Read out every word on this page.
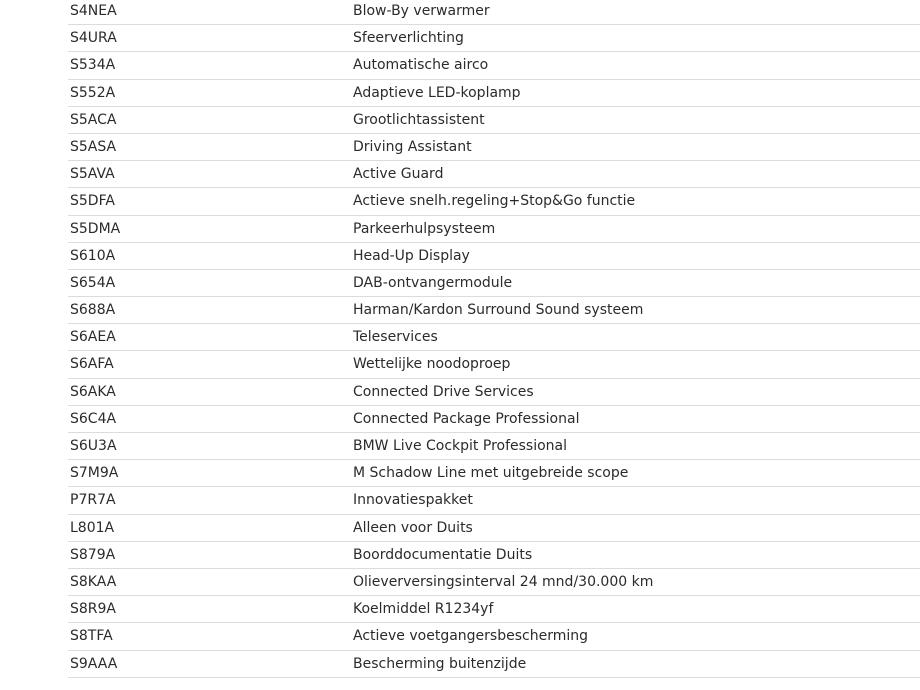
S4NEA	Blow-By verwarmer
S4URA	Sfeerverlichting
S534A	Automatische airco
S552A	Adaptieve LED-koplamp
S5ACA	Grootlichtassistent
S5ASA	Driving Assistant
S5AVA	Active Guard
S5DFA	Actieve snelh.regeling+Stop&Go functie
S5DMA	Parkeerhulpsysteem
S610A	Head-Up Display
S654A	DAB-ontvangermodule
S688A	Harman/Kardon Surround Sound systeem
S6AEA	Teleservices
S6AFA	Wettelijke noodoproep
S6AKA	Connected Drive Services
S6C4A	Connected Package Professional
S6U3A	BMW Live Cockpit Professional
S7M9A	M Schadow Line met uitgebreide scope
P7R7A	Innovatiespakket
L801A	Alleen voor Duits
S879A	Boorddocumentatie Duits
S8KAA	Olieverversingsinterval 24 mnd/30.000 km
S8R9A	Koelmiddel R1234yf
S8TFA	Actieve voetgangersbescherming
S9AAA	Bescherming buitenzijde
